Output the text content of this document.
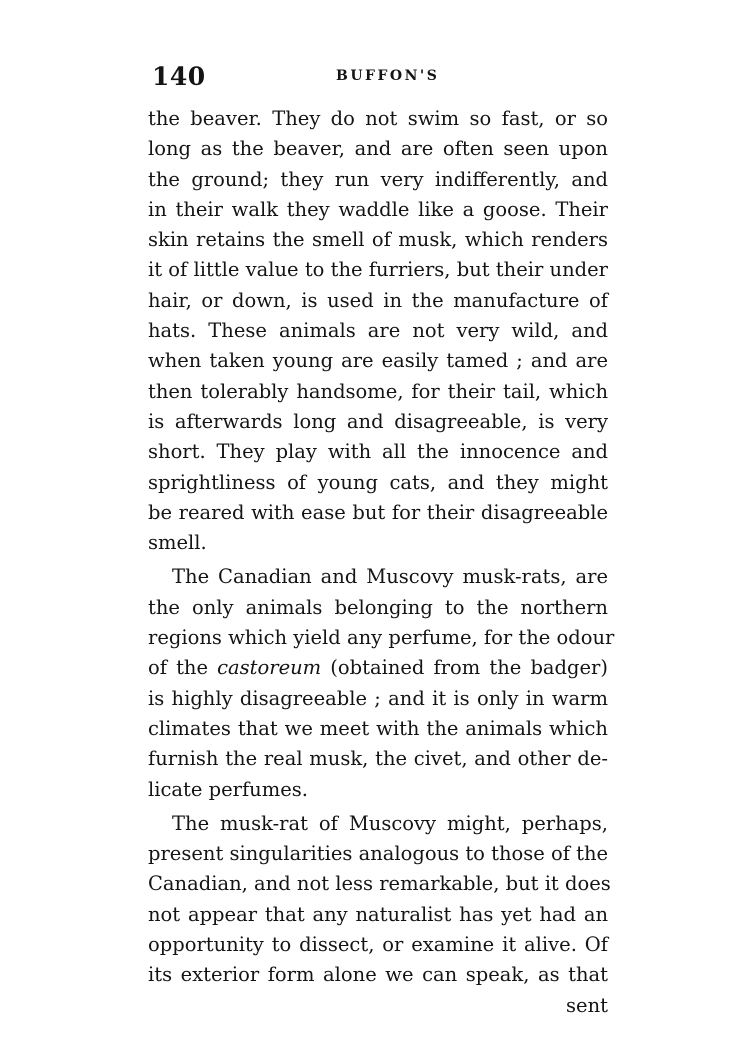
140	BUFFON'S
the beaver. They do not swim so fast, or so
long as the beaver, and are often seen upon
the ground; they run very indifferently, and
in their walk they waddle like a goose. Their
skin retains the smell of musk, which renders
it of little value to the furriers, but their under
hair, or down, is used in the manufacture of
hats. These animals are not very wild, and
when taken young are easily tamed ; and are
then tolerably handsome, for their tail, which
is afterwards long and disagreeable, is very
short. They play with all the innocence and
sprightliness of young cats, and they might
be reared with ease but for their disagreeable
smell.
The Canadian and Muscovy musk-rats, are
the only animals belonging to the northern
regions which yield any perfume, for the odour
of the castoreum (obtained from the badger)
is highly disagreeable ; and it is only in warm
climates that we meet with the animals which
furnish the real musk, the civet, and other de-
licate perfumes.
The musk-rat of Muscovy might, perhaps,
present singularities analogous to those of the
Canadian, and not less remarkable, but it does
not appear that any naturalist has yet had an
opportunity to dissect, or examine it alive. Of
its exterior form alone we can speak, as that
sent
